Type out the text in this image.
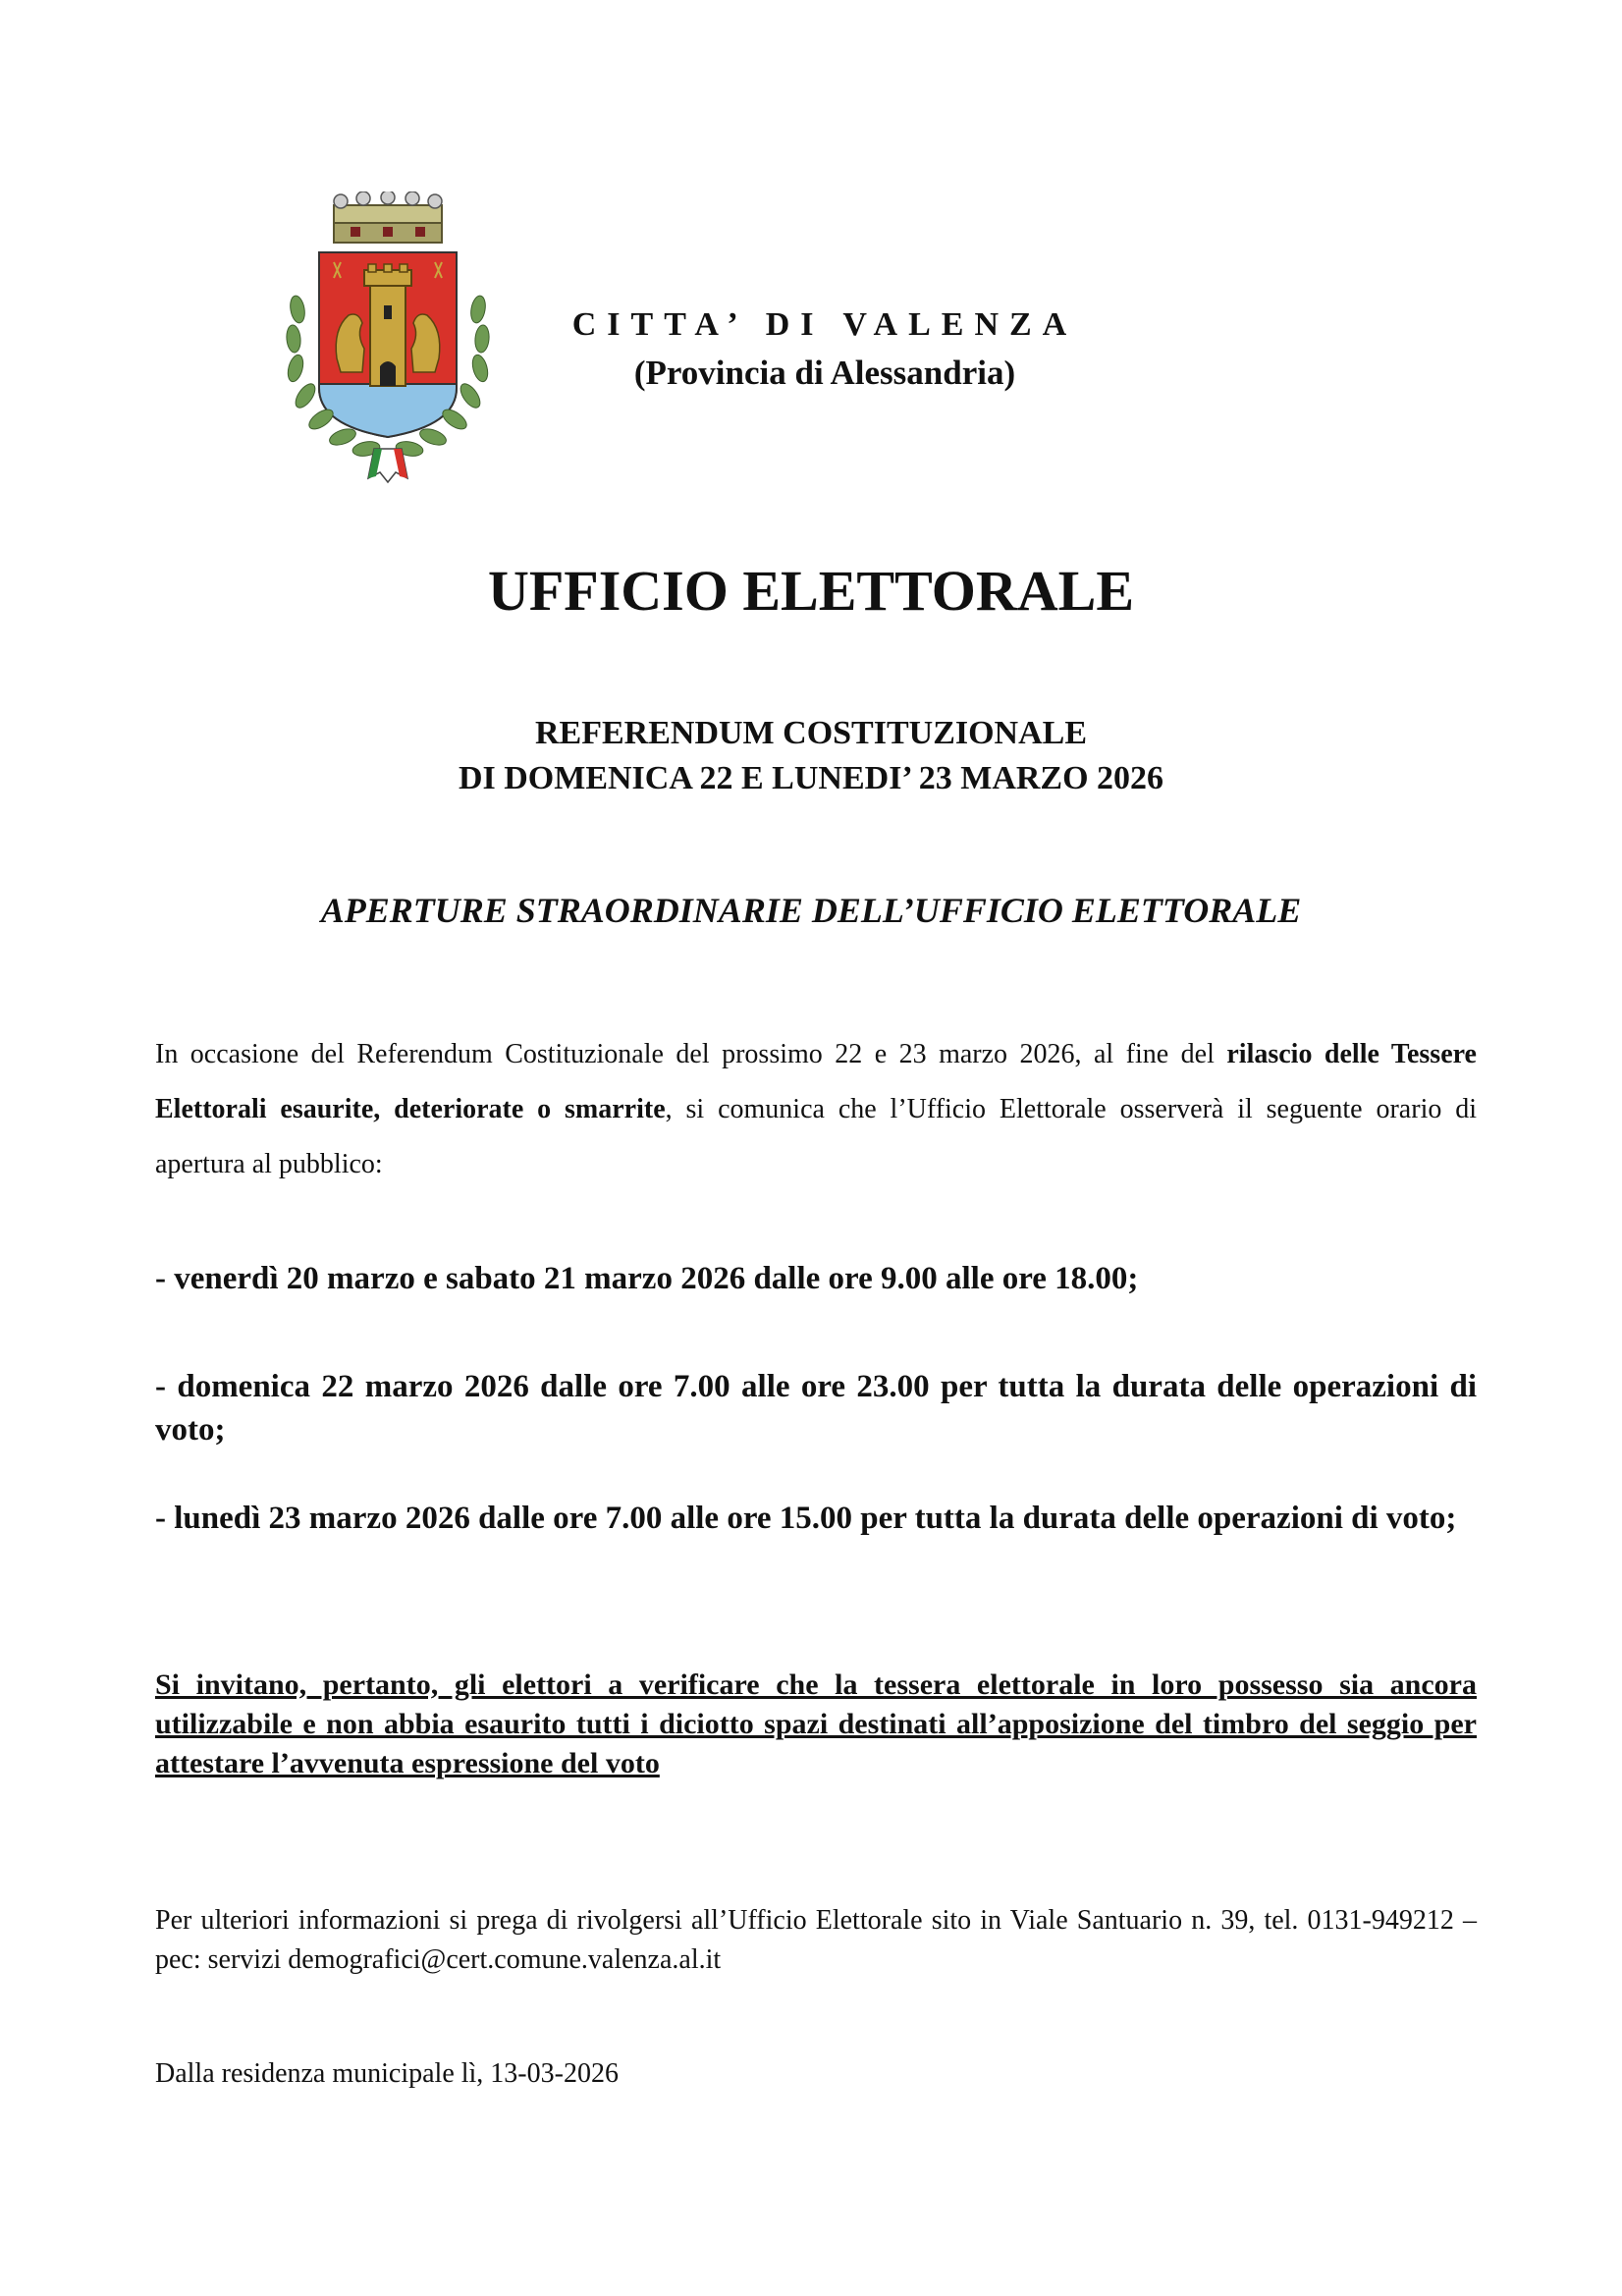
CITTA’ DI VALENZA
(Provincia di Alessandria)
UFFICIO ELETTORALE
REFERENDUM COSTITUZIONALE
DI DOMENICA 22 E LUNEDI’ 23 MARZO 2026
APERTURE STRAORDINARIE DELL’UFFICIO ELETTORALE

In occasione del Referendum Costituzionale del prossimo 22 e 23 marzo 2026, al fine del rilascio delle Tessere Elettorali esaurite, deteriorate o smarrite, si comunica che l’Ufficio Elettorale osserverà il seguente orario di apertura al pubblico:

- venerdì 20 marzo e sabato 21 marzo 2026 dalle ore 9.00 alle ore 18.00;

- domenica 22 marzo 2026 dalle ore 7.00 alle ore 23.00 per tutta la durata delle operazioni di voto;

- lunedì 23 marzo 2026 dalle ore 7.00 alle ore 15.00 per tutta la durata delle operazioni di voto;

Si invitano, pertanto, gli elettori a verificare che la tessera elettorale in loro possesso sia ancora utilizzabile e non abbia esaurito tutti i diciotto spazi destinati all’apposizione del timbro del seggio per attestare l’avvenuta espressione del voto

Per ulteriori informazioni si prega di rivolgersi all’Ufficio Elettorale sito in Viale Santuario n. 39, tel. 0131-949212 – pec: servizi demografici@cert.comune.valenza.al.it

Dalla residenza municipale lì, 13-03-2026
